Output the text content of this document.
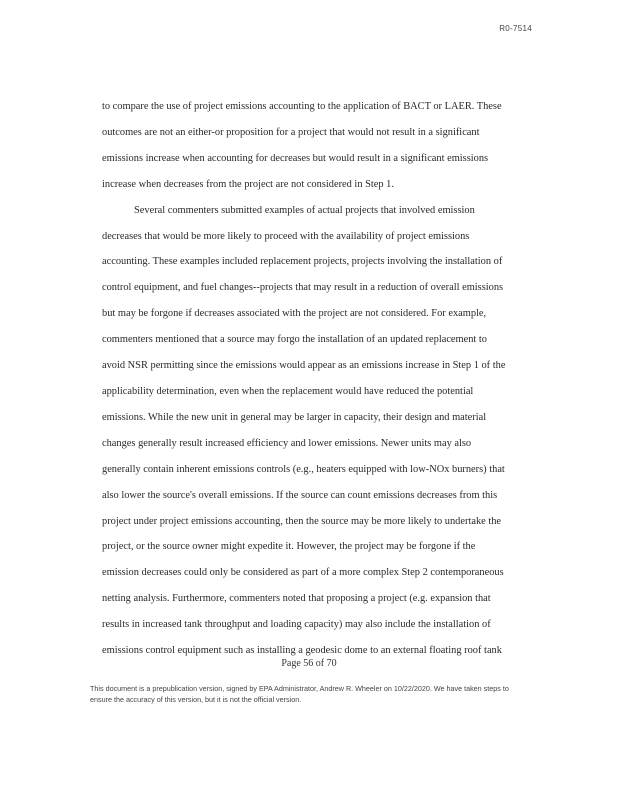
R0-7514

to compare the use of project emissions accounting to the application of BACT or LAER. These
outcomes are not an either-or proposition for a project that would not result in a significant
emissions increase when accounting for decreases but would result in a significant emissions
increase when decreases from the project are not considered in Step 1.

Several commenters submitted examples of actual projects that involved emission
decreases that would be more likely to proceed with the availability of project emissions
accounting. These examples included replacement projects, projects involving the installation of
control equipment, and fuel changes--projects that may result in a reduction of overall emissions
but may be forgone if decreases associated with the project are not considered. For example,
commenters mentioned that a source may forgo the installation of an updated replacement to
avoid NSR permitting since the emissions would appear as an emissions increase in Step 1 of the
applicability determination, even when the replacement would have reduced the potential
emissions. While the new unit in general may be larger in capacity, their design and material
changes generally result increased efficiency and lower emissions. Newer units may also
generally contain inherent emissions controls (e.g., heaters equipped with low-NOx burners) that
also lower the source's overall emissions. If the source can count emissions decreases from this
project under project emissions accounting, then the source may be more likely to undertake the
project, or the source owner might expedite it. However, the project may be forgone if the
emission decreases could only be considered as part of a more complex Step 2 contemporaneous
netting analysis. Furthermore, commenters noted that proposing a project (e.g. expansion that
results in increased tank throughput and loading capacity) may also include the installation of
emissions control equipment such as installing a geodesic dome to an external floating roof tank

Page 56 of 70
This document is a prepublication version, signed by EPA Administrator, Andrew R. Wheeler on 10/22/2020. We have taken steps to ensure the accuracy of this version, but it is not the official version.
